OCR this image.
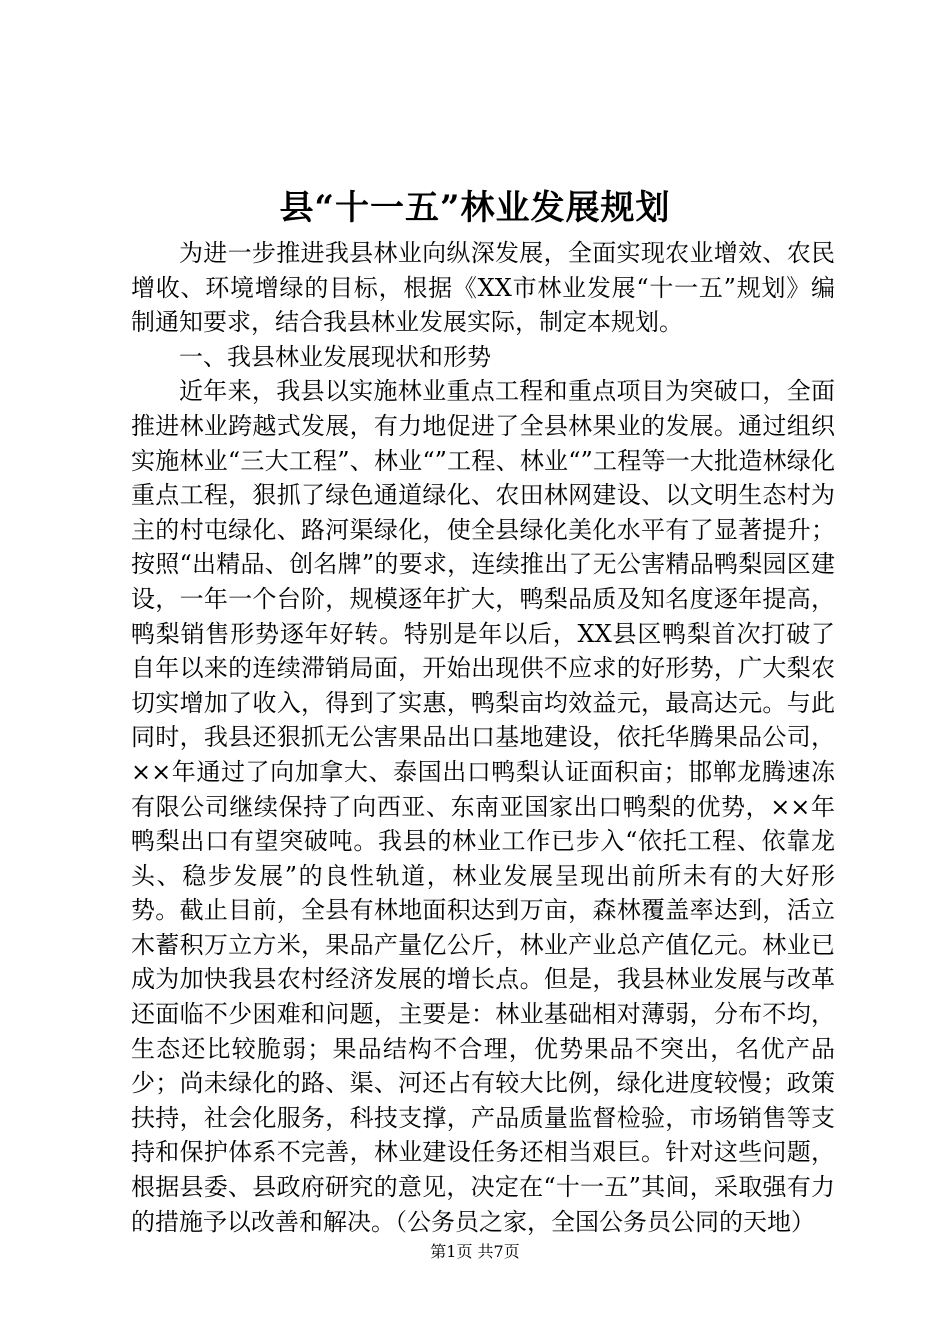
县“十一五”林业发展规划

为进一步推进我县林业向纵深发展，全面实现农业增效、农民增收、环境增绿的目标，根据《XX市林业发展“十一五”规划》编制通知要求，结合我县林业发展实际，制定本规划。

一、我县林业发展现状和形势

近年来，我县以实施林业重点工程和重点项目为突破口，全面推进林业跨越式发展，有力地促进了全县林果业的发展。通过组织实施林业“三大工程”、林业“”工程、林业“”工程等一大批造林绿化重点工程，狠抓了绿色通道绿化、农田林网建设、以文明生态村为主的村屯绿化、路河渠绿化，使全县绿化美化水平有了显著提升；按照“出精品、创名牌”的要求，连续推出了无公害精品鸭梨园区建设，一年一个台阶，规模逐年扩大，鸭梨品质及知名度逐年提高，鸭梨销售形势逐年好转。特别是年以后，XX县区鸭梨首次打破了自年以来的连续滞销局面，开始出现供不应求的好形势，广大梨农切实增加了收入，得到了实惠，鸭梨亩均效益元，最高达元。与此同时，我县还狠抓无公害果品出口基地建设，依托华腾果品公司，××年通过了向加拿大、泰国出口鸭梨认证面积亩；邯郸龙腾速冻有限公司继续保持了向西亚、东南亚国家出口鸭梨的优势，××年鸭梨出口有望突破吨。我县的林业工作已步入“依托工程、依靠龙头、稳步发展”的良性轨道，林业发展呈现出前所未有的大好形势。截止目前，全县有林地面积达到万亩，森林覆盖率达到，活立木蓄积万立方米，果品产量亿公斤，林业产业总产值亿元。林业已成为加快我县农村经济发展的增长点。但是，我县林业发展与改革还面临不少困难和问题，主要是：林业基础相对薄弱，分布不均，生态还比较脆弱；果品结构不合理，优势果品不突出，名优产品少；尚未绿化的路、渠、河还占有较大比例，绿化进度较慢；政策扶持，社会化服务，科技支撑，产品质量监督检验，市场销售等支持和保护体系不完善，林业建设任务还相当艰巨。针对这些问题，根据县委、县政府研究的意见，决定在“十一五”其间，采取强有力的措施予以改善和解决。（公务员之家，全国公务员公同的天地）

第1页 共7页
